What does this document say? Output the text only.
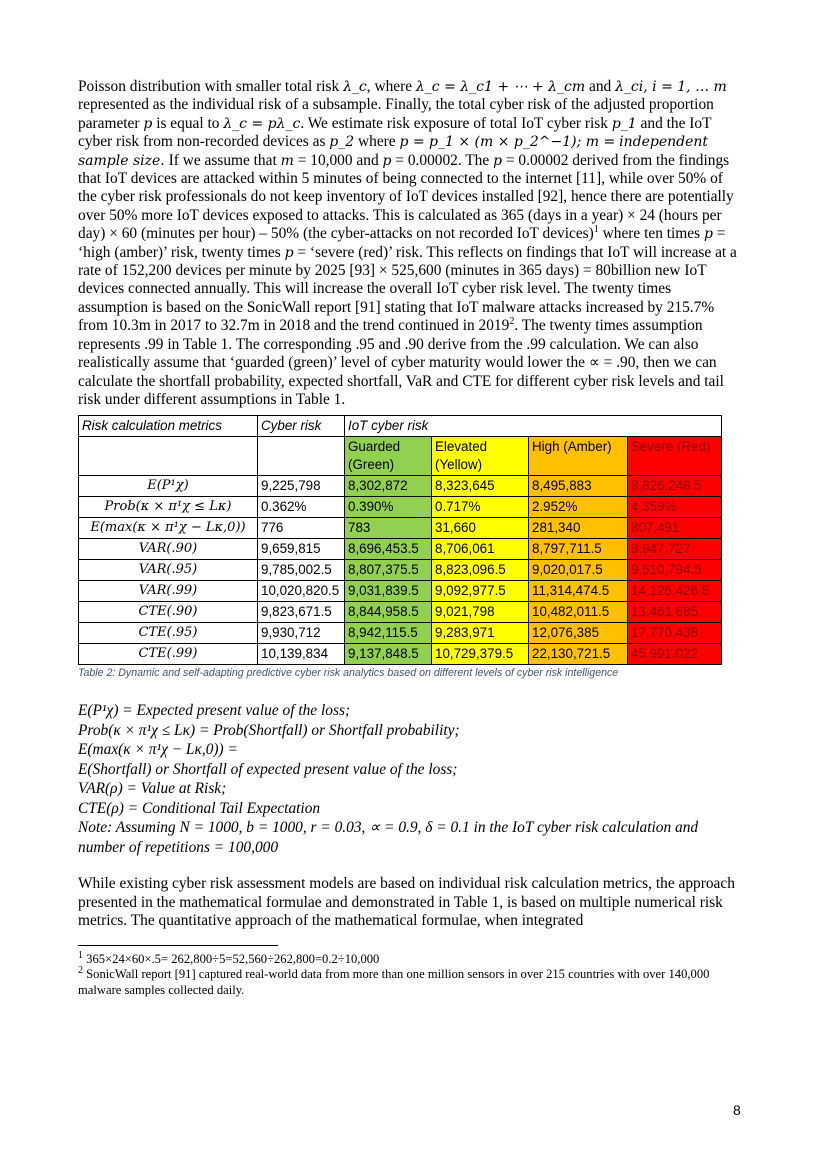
Poisson distribution with smaller total risk λ_c, where λ_c = λ_c1 + ⋯ + λ_cm and λ_ci, i = 1, … m represented as the individual risk of a subsample. Finally, the total cyber risk of the adjusted proportion parameter p is equal to λ_c = pλ_c. We estimate risk exposure of total IoT cyber risk p_1 and the IoT cyber risk from non-recorded devices as p_2 where p = p_1 × (m × p_2^−1); m = independent sample size. If we assume that m = 10,000 and p = 0.00002. The p = 0.00002 derived from the findings that IoT devices are attacked within 5 minutes of being connected to the internet [11], while over 50% of the cyber risk professionals do not keep inventory of IoT devices installed [92], hence there are potentially over 50% more IoT devices exposed to attacks. This is calculated as 365 (days in a year) × 24 (hours per day) × 60 (minutes per hour) – 50% (the cyber-attacks on not recorded IoT devices)$^1$ where ten times p = ‘high (amber)’ risk, twenty times p = ‘severe (red)’ risk. This reflects on findings that IoT will increase at a rate of 152,200 devices per minute by 2025 [93] × 525,600 (minutes in 365 days) = 80billion new IoT devices connected annually. This will increase the overall IoT cyber risk level. The twenty times assumption is based on the SonicWall report [91] stating that IoT malware attacks increased by 215.7% from 10.3m in 2017 to 32.7m in 2018 and the trend continued in 2019$^2$. The twenty times assumption represents .99 in Table 1. The corresponding .95 and .90 derive from the .99 calculation. We can also realistically assume that ‘guarded (green)’ level of cyber maturity would lower the ∝ = .90, then we can calculate the shortfall probability, expected shortfall, VaR and CTE for different cyber risk levels and tail risk under different assumptions in Table 1.

Risk calculation metrics	Cyber risk	IoT cyber risk			
		Guarded (Green)	Elevated (Yellow)	High (Amber)	Severe (Red)
E(P¹χ)	9,225,798	8,302,872	8,323,645	8,495,883	8,826,248.5
Prob(κ × π¹χ ≤ Lκ)	0.362%	0.390%	0.717%	2.952%	4.359%
E(max(κ × π¹χ − Lκ,0))	776	783	31,660	281,340	807,491
VAR(.90)	9,659,815	8,696,453.5	8,706,061	8,797,711.5	8,947,727
VAR(.95)	9,785,002.5	8,807,375.5	8,823,096.5	9,020,017.5	9,510,794.5
VAR(.99)	10,020,820.5	9,031,839.5	9,092,977.5	11,314,474.5	14,126,426.5
CTE(.90)	9,823,671.5	8,844,958.5	9,021,798	10,482,011.5	13,461,685
CTE(.95)	9,930,712	8,942,115.5	9,283,971	12,076,385	17,770,438
CTE(.99)	10,139,834	9,137,848.5	10,729,379.5	22,130,721.5	45,991,022
Table 2: Dynamic and self-adapting predictive cyber risk analytics based on different levels of cyber risk intelligence
E(P¹χ) = Expected present value of the loss;
Prob(κ × π¹χ ≤ Lκ) = Prob(Shortfall) or Shortfall probability;
E(max(κ × π¹χ − Lκ,0)) =
E(Shortfall) or Shortfall of expected present value of the loss;
VAR(ρ) = Value at Risk;
CTE(ρ) = Conditional Tail Expectation
Note: Assuming N = 1000, b = 1000, r = 0.03, ∝ = 0.9, δ = 0.1 in the IoT cyber risk calculation and number of repetitions = 100,000

While existing cyber risk assessment models are based on individual risk calculation metrics, the approach presented in the mathematical formulae and demonstrated in Table 1, is based on multiple numerical risk metrics. The quantitative approach of the mathematical formulae, when integrated

$^1$ 365×24×60×.5= 262,800÷5=52,560÷262,800=0.2÷10,000

$^2$ SonicWall report [91] captured real-world data from more than one million sensors in over 215 countries with over 140,000 malware samples collected daily.

8
